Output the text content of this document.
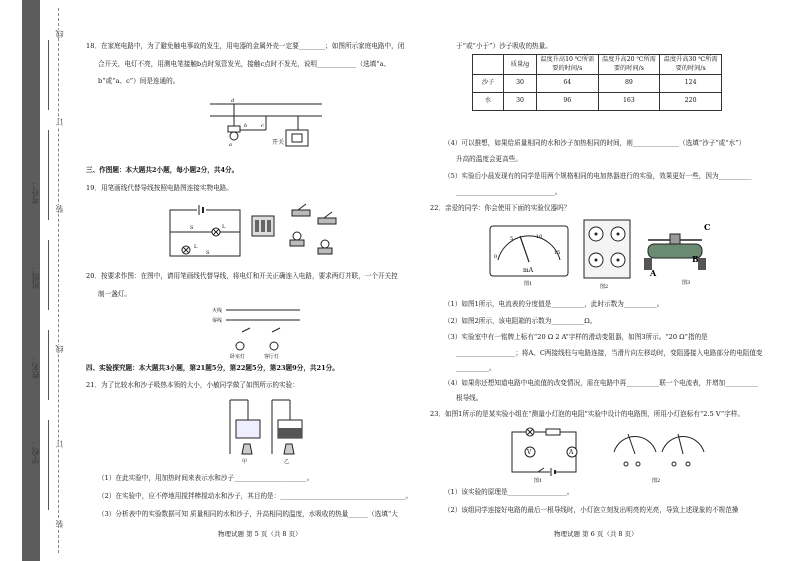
学校：
姓名：
班级：
考号：
线
订
装
线
订
装
18．在家庭电路中，为了避免触电事故的发生，用电器的金属外壳一定要________；如图所示家庭电路中，闭
合开关，电灯不亮，用测电笔接触b点时氖管发光，接触c点时不发光，说明____________（选填“a、
b”或“a、c”）间是连通的。
d
a
b	c
开关
三、作图题：本大题共2小题，每小题2分，共4分。
19．用笔画线代替导线按照电路图连接实物电路。
S
S
L
L
20．按要求作图：在图中，请用笔画线代替导线，将电灯和开关正确连入电路，要求两灯并联，一个开关控
制一盏灯。
火线
零线
卧室灯	客厅灯
四、实验探究题：本大题共3小题，第21题5分，第22题5分，第23题9分，共21分。
21．为了比较水和沙子吸热本领的大小，小敏同学做了如图所示的实验：
甲	乙
（1）在此实验中，用加热时间来表示水和沙子______________________。
（2）在实验中，应不停地用搅拌棒搅动水和沙子，其目的是：______________________________________。
（3）分析表中的实验数据可知 质量相同的水和沙子，升高相同的温度，水吸收的热量______（选填“大
物理试题 第 5 页（共 8 页）
于”或“小于”）沙子吸收的热量。
	质量/g	温度升高10 ℃所需要的时间/s	温度升高20 ℃所需要的时间/s	温度升高30 ℃所需要的时间/s
沙子	30	64	89	124
水	30	96	163	220
（4）可以推想，如果给质量相同的水和沙子加热相同的时间，则______________（选填“沙子”或“水”）
升高的温度会更高些。
（5）实验后小晨发现有的同学是用两个规格相同的电加热器进行的实验，效果更好一些，因为__________
______________________________。
22．亲爱的同学：你会使用下面的实验仪器吗？
0
5	10
15
mA
图1	图2
A
B
C
图3
（1）如图1所示，电流表的分度值是__________，此时示数为__________。
（2）如图2所示，该电阻箱的示数为__________Ω。
（3）实验室中有一铭牌上标有“20 Ω 2 A”字样的滑动变阻器，如图3所示。“20 Ω”指的是
__________________；将A、C两接线柱与电路连接，当滑片向左移动时，变阻器接入电路部分的电阻值变
__________。
（4）如果你还想知道电路中电流值的改变情况，需在电路中再__________联一个电流表，并增加__________
根导线。
23．如图1所示的是某实验小组在“测量小灯泡的电阻”实验中设计的电路图，所用小灯泡标有“2.5 V”字样。
V	A
图1	图2
（1）该实验的原理是__________________。
（2）该组同学连接好电路的最后一根导线时，小灯泡立刻发出明亮的光亮，导致上述现象的不规范操
物理试题 第 6 页（共 8 页）
